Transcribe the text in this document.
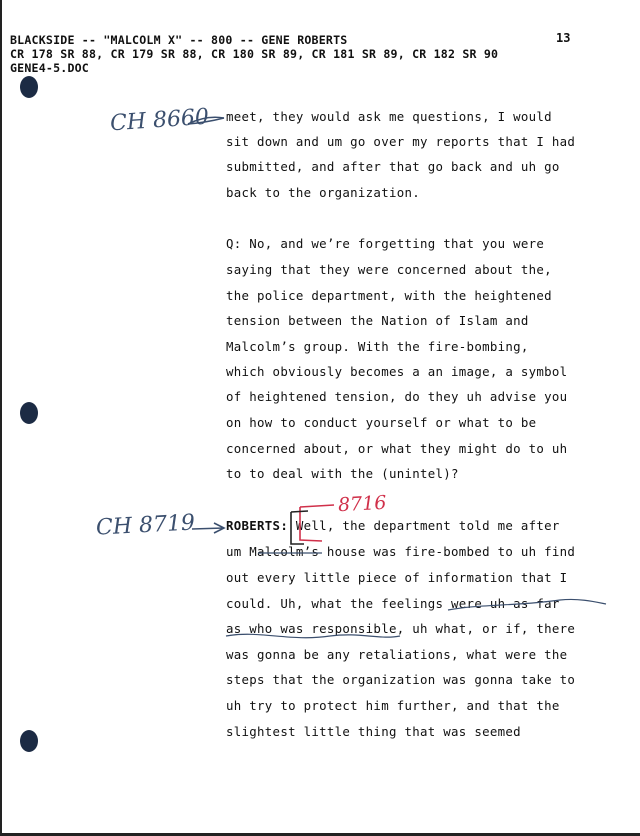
BLACKSIDE -- "MALCOLM X" -- 800 -- GENE ROBERTS
CR 178 SR 88, CR 179 SR 88, CR 180 SR 89, CR 181 SR 89, CR 182 SR 90
GENE4-5.DOC
13
meet, they would ask me questions, I would
sit down and um go over my reports that I had
submitted, and after that go back and uh go
back to the organization.
Q: No, and we’re forgetting that you were
saying that they were concerned about the,
the police department, with the heightened
tension between the Nation of Islam and
Malcolm’s group. With the fire-bombing,
which obviously becomes a an image, a symbol
of heightened tension, do they uh advise you
on how to conduct yourself or what to be
concerned about, or what they might do to uh
to to deal with the (unintel)?
ROBERTS: Well, the department told me after
um Malcolm’s house was fire-bombed to uh find
out every little piece of information that I
could. Uh, what the feelings were uh as far
as who was responsible, uh what, or if, there
was gonna be any retaliations, what were the
steps that the organization was gonna take to
uh try to protect him further, and that the
slightest little thing that was seemed
CH 8660
CH 8719
8716
